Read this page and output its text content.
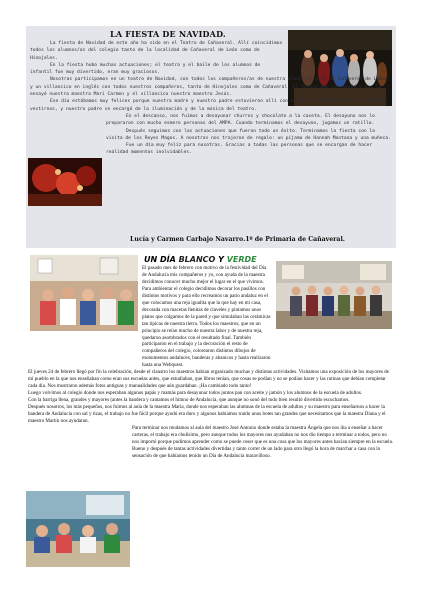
LA FIESTA DE NAVIDAD.

La fiesta de Navidad de este año ha sido en el Teatro de Cañaveral. Allí coincidimos todos los alumnos/as del colegio tanto de la localidad de Cañaveral de León como de Hinojales.

En la fiesta hubo muchas actuaciones; el teatro y el baile de los alumnos de infantil fue muy divertido, eran muy graciosos.

Nosotras participamos en un teatro de Navidad, con todos los compañeros/as de nuestra clase (1º y 2º de Cañaveral de León) y un villancico en inglés con todos nuestros compañeros, tanto de Hinojales como de Cañaveral. El teatro nos lo enseñó y nos lo ensayó nuestra maestra Mari Carmen y el villancico nuestro maestro Jesús.

Ese día estábamos muy felices porque nuestra madre y nuestro padre estuvieron allí con nosotras. Nuestra madre nos ayudó a vestirnos, y nuestro padre se encargó de la iluminación y de la música del teatro.

En el descanso, nos fuimos a desayunar churros y chocolate a la caseta. El desayuno nos lo prepararon con mucho esmero personas del AMPA. Cuando terminamos el desayuno, jugamos un ratillo.

Después seguimos con las actuaciones que fueron todo un éxito. Terminamos la fiesta con la visita de los Reyes Magos. A nosotras nos trajeron de regalo: un pijama de Hannah Montana y una muñeca.

Fue un día muy feliz para nosotras. Gracias a todas las personas que se encargan de hacer realidad momentos inolvidables.

Lucía y Carmen Carbajo Navarro.1º de Primaria de Cañaveral.
UN DÍA BLANCO Y VERDE

El pasado mes de febrero con motivo de la festividad del Día de Andalucía mis compañeros y yo, con ayuda de la maestra decidimos conocer mucho mejor el lugar en el que vivimos.

Para ambientar el colegio decidimos decorar los pasillos con distintos motivos y para ello recreamos un patio andaluz en el que colocamos una reja igualita que la que hay en mi casa, decorada con macetas llenitas de claveles y pintamos unos platos que colgamos de la pared y que simulaban las cerámicas tan típicas de nuestra tierra. Todos los maestros, que en un principio se reían mucho de nuestra labor y de nuestra reja, quedaron asombrados con el resultado final. También participaron en el trabajo y la decoración el resto de compañeros del colegio, colorearon distintos dibujos de monumentos andaluces, banderas y abanicos y hasta realizaron hasta una Webquest.

El jueves 24 de febrero llegó por fin la celebración, desde el claustro los maestros habían organizado muchas y distintas actividades. Visitamos una exposición de los mayores de mi pueblo en la que nos enseñaban como eran sus escuelas antes, que estudiaban, que libros tenían, que cosas se podían y no se podían hacer y las rutinas que debían completar cada día. Nos mostraron además fotos antiguas y manualidades que aún guardaban. ¡Ha cambiado todo tanto!

Luego volvimos al colegio donde nos esperaban algunos papás y mamás para desayunar todos juntos pan con aceite y jamón y los alumnos de la escuela de adultos.

Con la barriga llena, grandes y mayores (antes la bandera y cantamos el himno de Andalucía, que aunque no sonó del todo bien resultó divertido escucharnos.

Después nosotros, los más pequeños, nos fuimos al aula de la maestra María, donde nos esperaban las alumnas de la escuela de adultos y su maestro para enseñarnos a hacer la bandera de Andalucía con sal y tizas, el trabajo no fue fácil porque ayudó era duro y algunos habíamos traído unos botes tan grandes que necesitamos que la maestra Diana y el maestro Martín nos ayudaran.

Para terminar nos mudamos al aula del maestro José Antonio donde estaba la maestra Ángela que nos iba a enseñar a hacer carteras, el trabajo era chulísimo, pero aunque todos los mayores nos ayudaban no nos dio tiempo a terminar a todos, pero no nos importó porque pudimos aprender como se puede coser que es una cosa que los mayores antes hacían siempre en la escuela.

Bueno y después de tantas actividades divertidas y tanto correr de un lado para otro llegó la hora de marchar a casa con la sensación de que habíamos tenido un Día de Andalucía maravilloso.
